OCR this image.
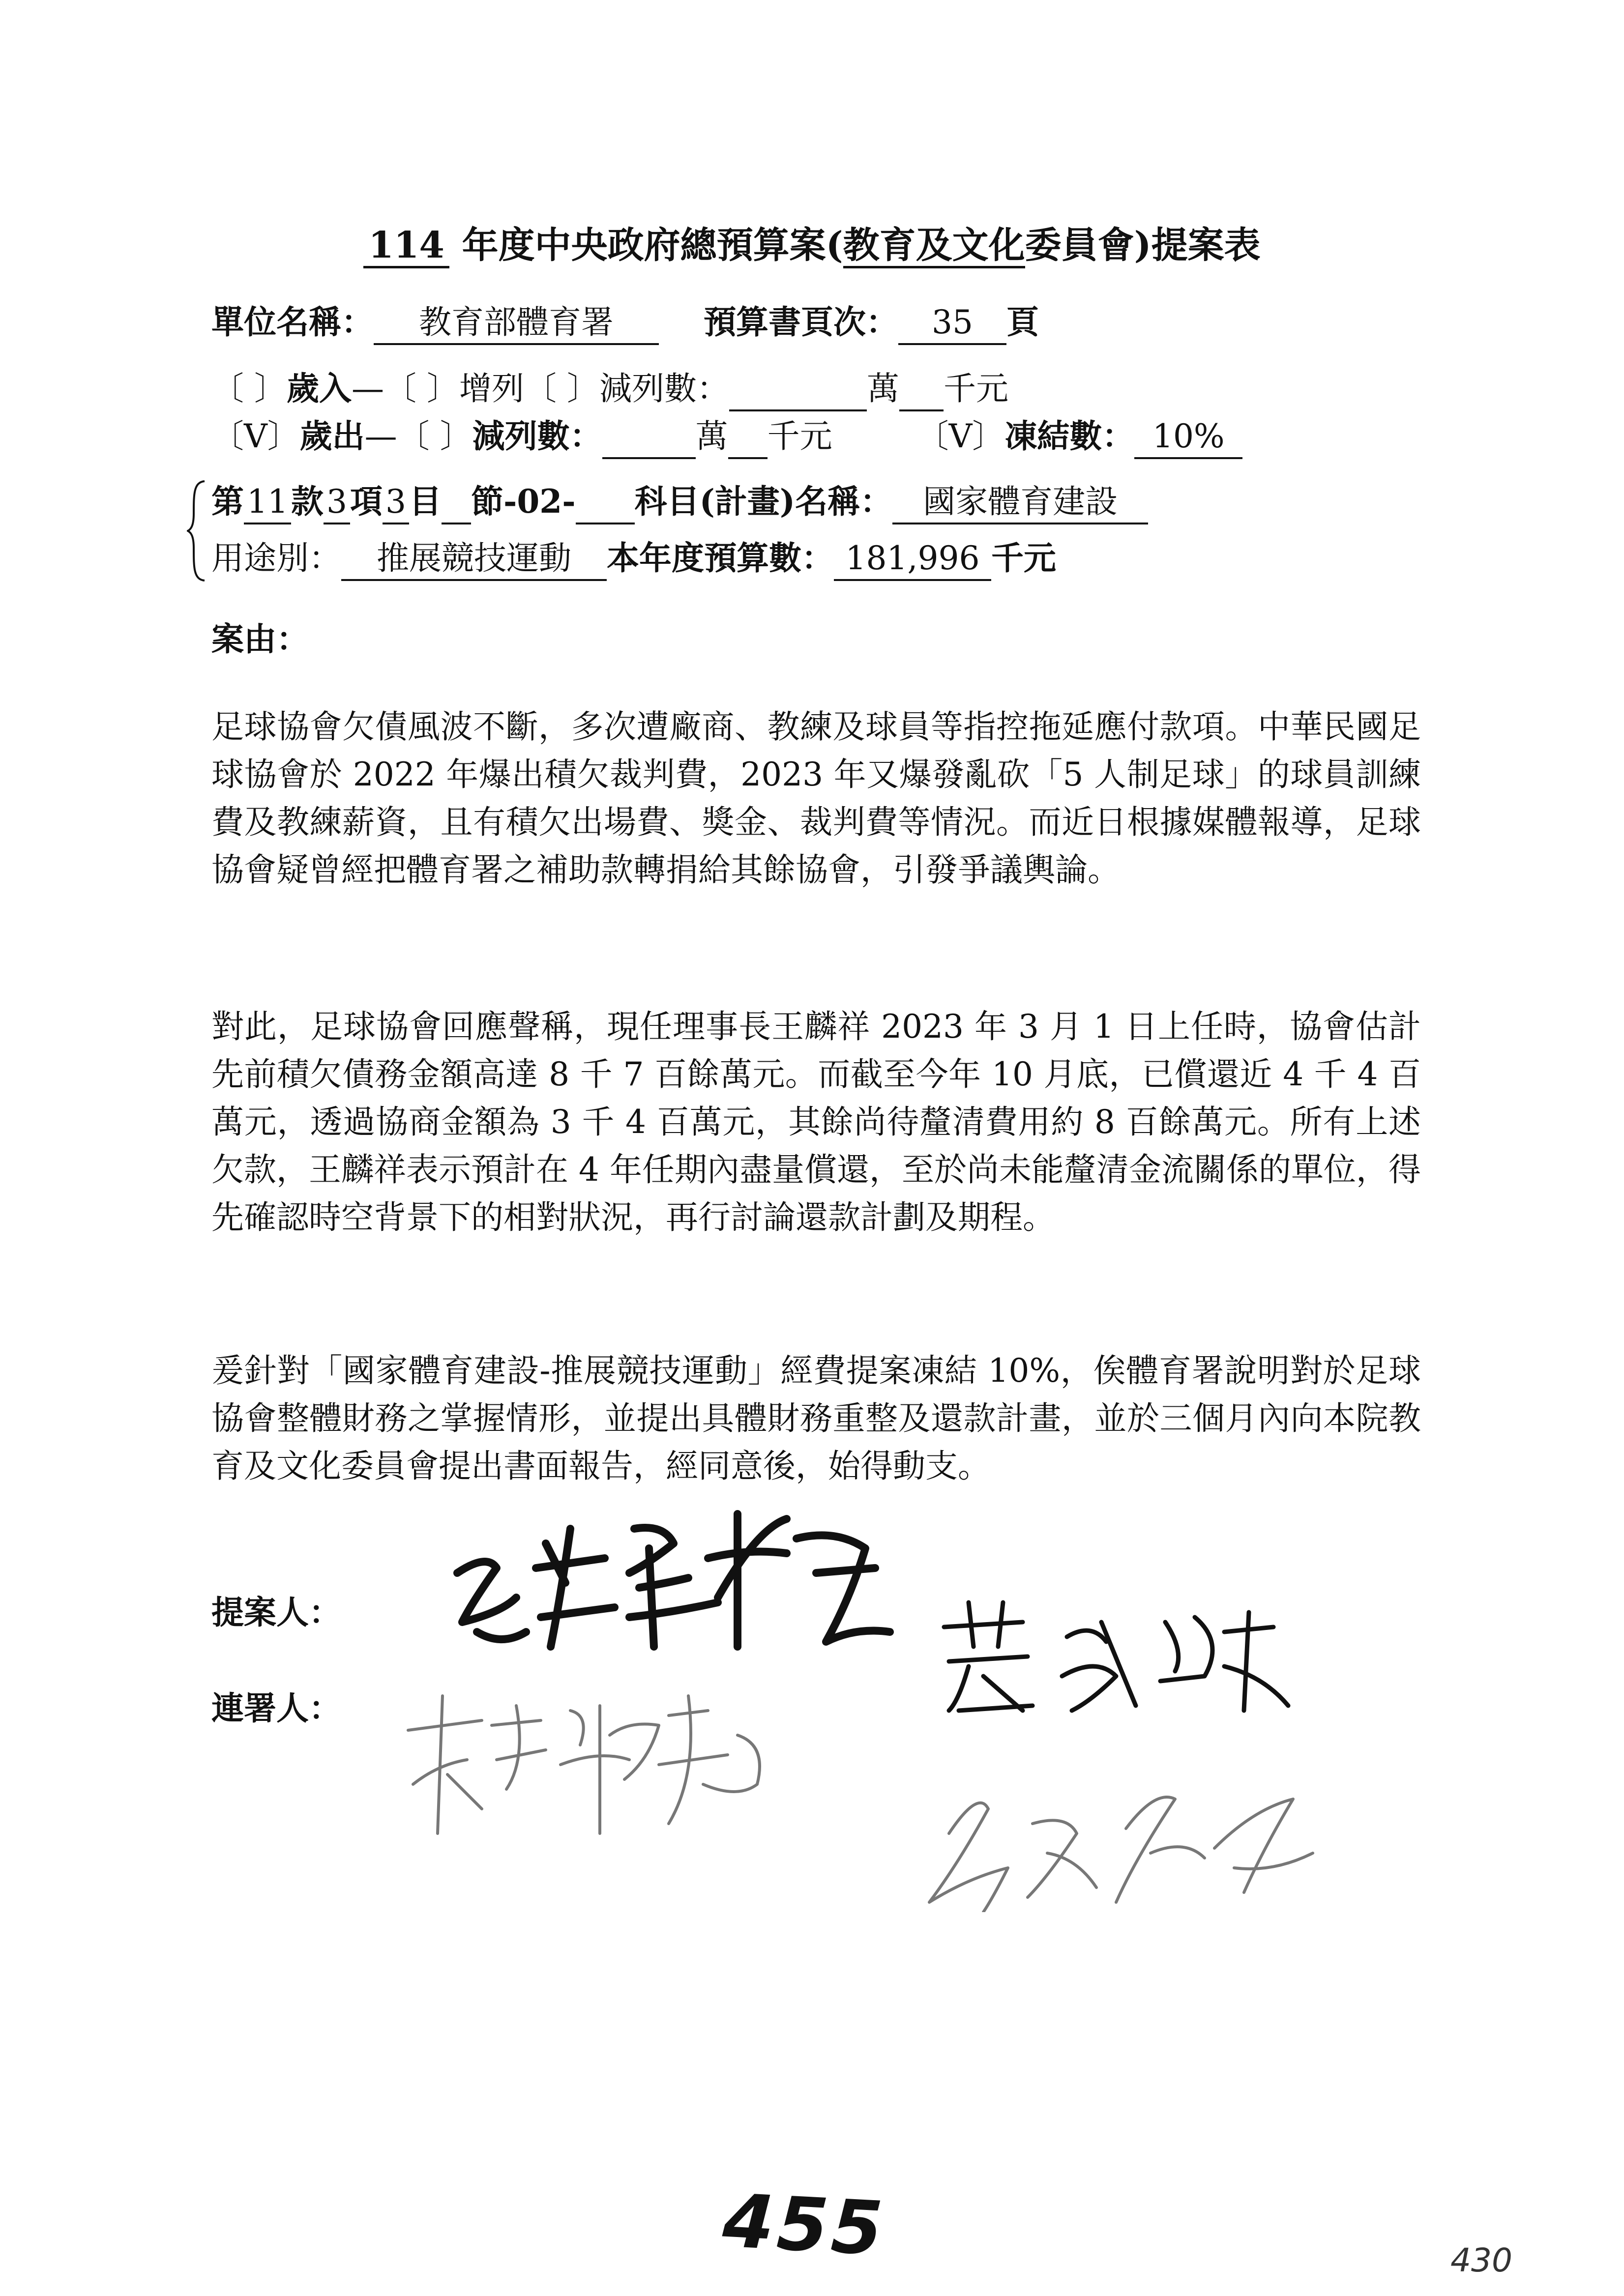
114 年度中央政府總預算案(教育及文化委員會)提案表
單位名稱： 教育部體育署	預算書頁次： 35 頁
〔 〕歲入—〔 〕增列〔 〕減列數：	萬 千元
〔V〕歲出—〔 〕減列數：	萬 千元	〔V〕凍結數： 10%
第11款3項3目 節-02- 科目(計畫)名稱： 國家體育建設
用途別： 推展競技運動 本年度預算數： 181,996 千元
案由：
足球協會欠債風波不斷，多次遭廠商、教練及球員等指控拖延應付款項。中華民國足球協會於 2022 年爆出積欠裁判費，2023 年又爆發亂砍「5 人制足球」的球員訓練費及教練薪資，且有積欠出場費、獎金、裁判費等情況。而近日根據媒體報導，足球協會疑曾經把體育署之補助款轉捐給其餘協會，引發爭議輿論。
對此，足球協會回應聲稱，現任理事長王麟祥 2023 年 3 月 1 日上任時，協會估計先前積欠債務金額高達 8 千 7 百餘萬元。而截至今年 10 月底，已償還近 4 千 4 百萬元，透過協商金額為 3 千 4 百萬元，其餘尚待釐清費用約 8 百餘萬元。所有上述欠款，王麟祥表示預計在 4 年任期內盡量償還，至於尚未能釐清金流關係的單位，得先確認時空背景下的相對狀況，再行討論還款計劃及期程。
爰針對「國家體育建設-推展競技運動」經費提案凍結 10%，俟體育署說明對於足球協會整體財務之掌握情形，並提出具體財務重整及還款計畫，並於三個月內向本院教育及文化委員會提出書面報告，經同意後，始得動支。
提案人：
連署人：
455	430
